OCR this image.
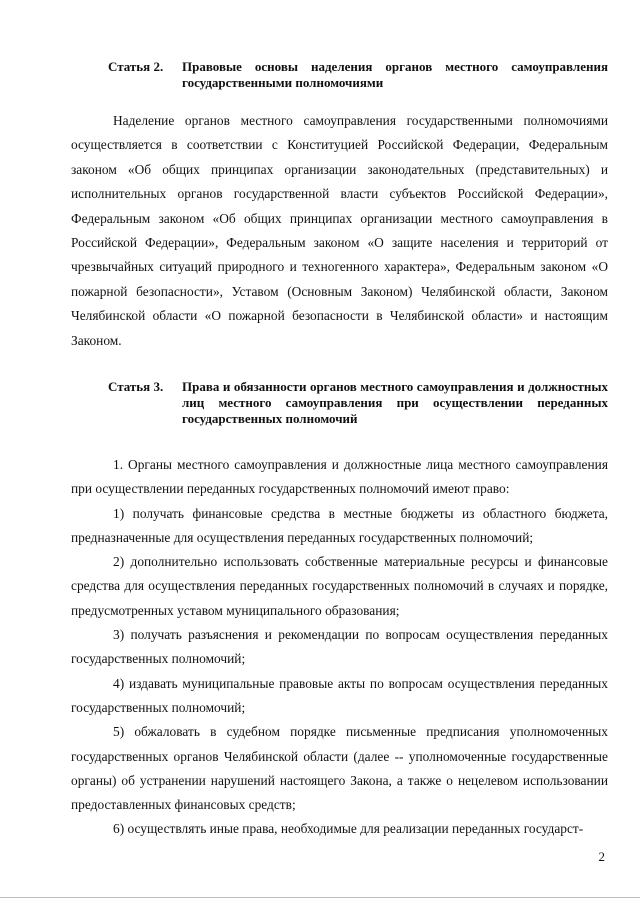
Статья 2.	Правовые основы наделения органов местного самоуправления государственными полномочиями

Наделение органов местного самоуправления государственными полномочиями осуществляется в соответствии с Конституцией Российской Федерации, Федеральным законом «Об общих принципах организации законодательных (представительных) и исполнительных органов государственной власти субъектов Российской Федерации», Федеральным законом «Об общих принципах организации местного самоуправления в Российской Федерации», Федеральным законом «О защите населения и территорий от чрезвычайных ситуаций природного и техногенного характера», Федеральным законом «О пожарной безопасности», Уставом (Основным Законом) Челябинской области, Законом Челябинской области «О пожарной безопасности в Челябинской области» и настоящим Законом.

Статья 3.	Права и обязанности органов местного самоуправления и должностных лиц местного самоуправления при осуществлении переданных государственных полномочий

1. Органы местного самоуправления и должностные лица местного самоуправления при осуществлении переданных государственных полномочий имеют право:

1) получать финансовые средства в местные бюджеты из областного бюджета, предназначенные для осуществления переданных государственных полномочий;

2) дополнительно использовать собственные материальные ресурсы и финансовые средства для осуществления переданных государственных полномочий в случаях и порядке, предусмотренных уставом муниципального образования;

3) получать разъяснения и рекомендации по вопросам осуществления переданных государственных полномочий;

4) издавать муниципальные правовые акты по вопросам осуществления переданных государственных полномочий;

5) обжаловать в судебном порядке письменные предписания уполномоченных государственных органов Челябинской области (далее -- уполномоченные государственные органы) об устранении нарушений настоящего Закона, а также о нецелевом использовании предоставленных финансовых средств;

6) осуществлять иные права, необходимые для реализации переданных государст-

2
